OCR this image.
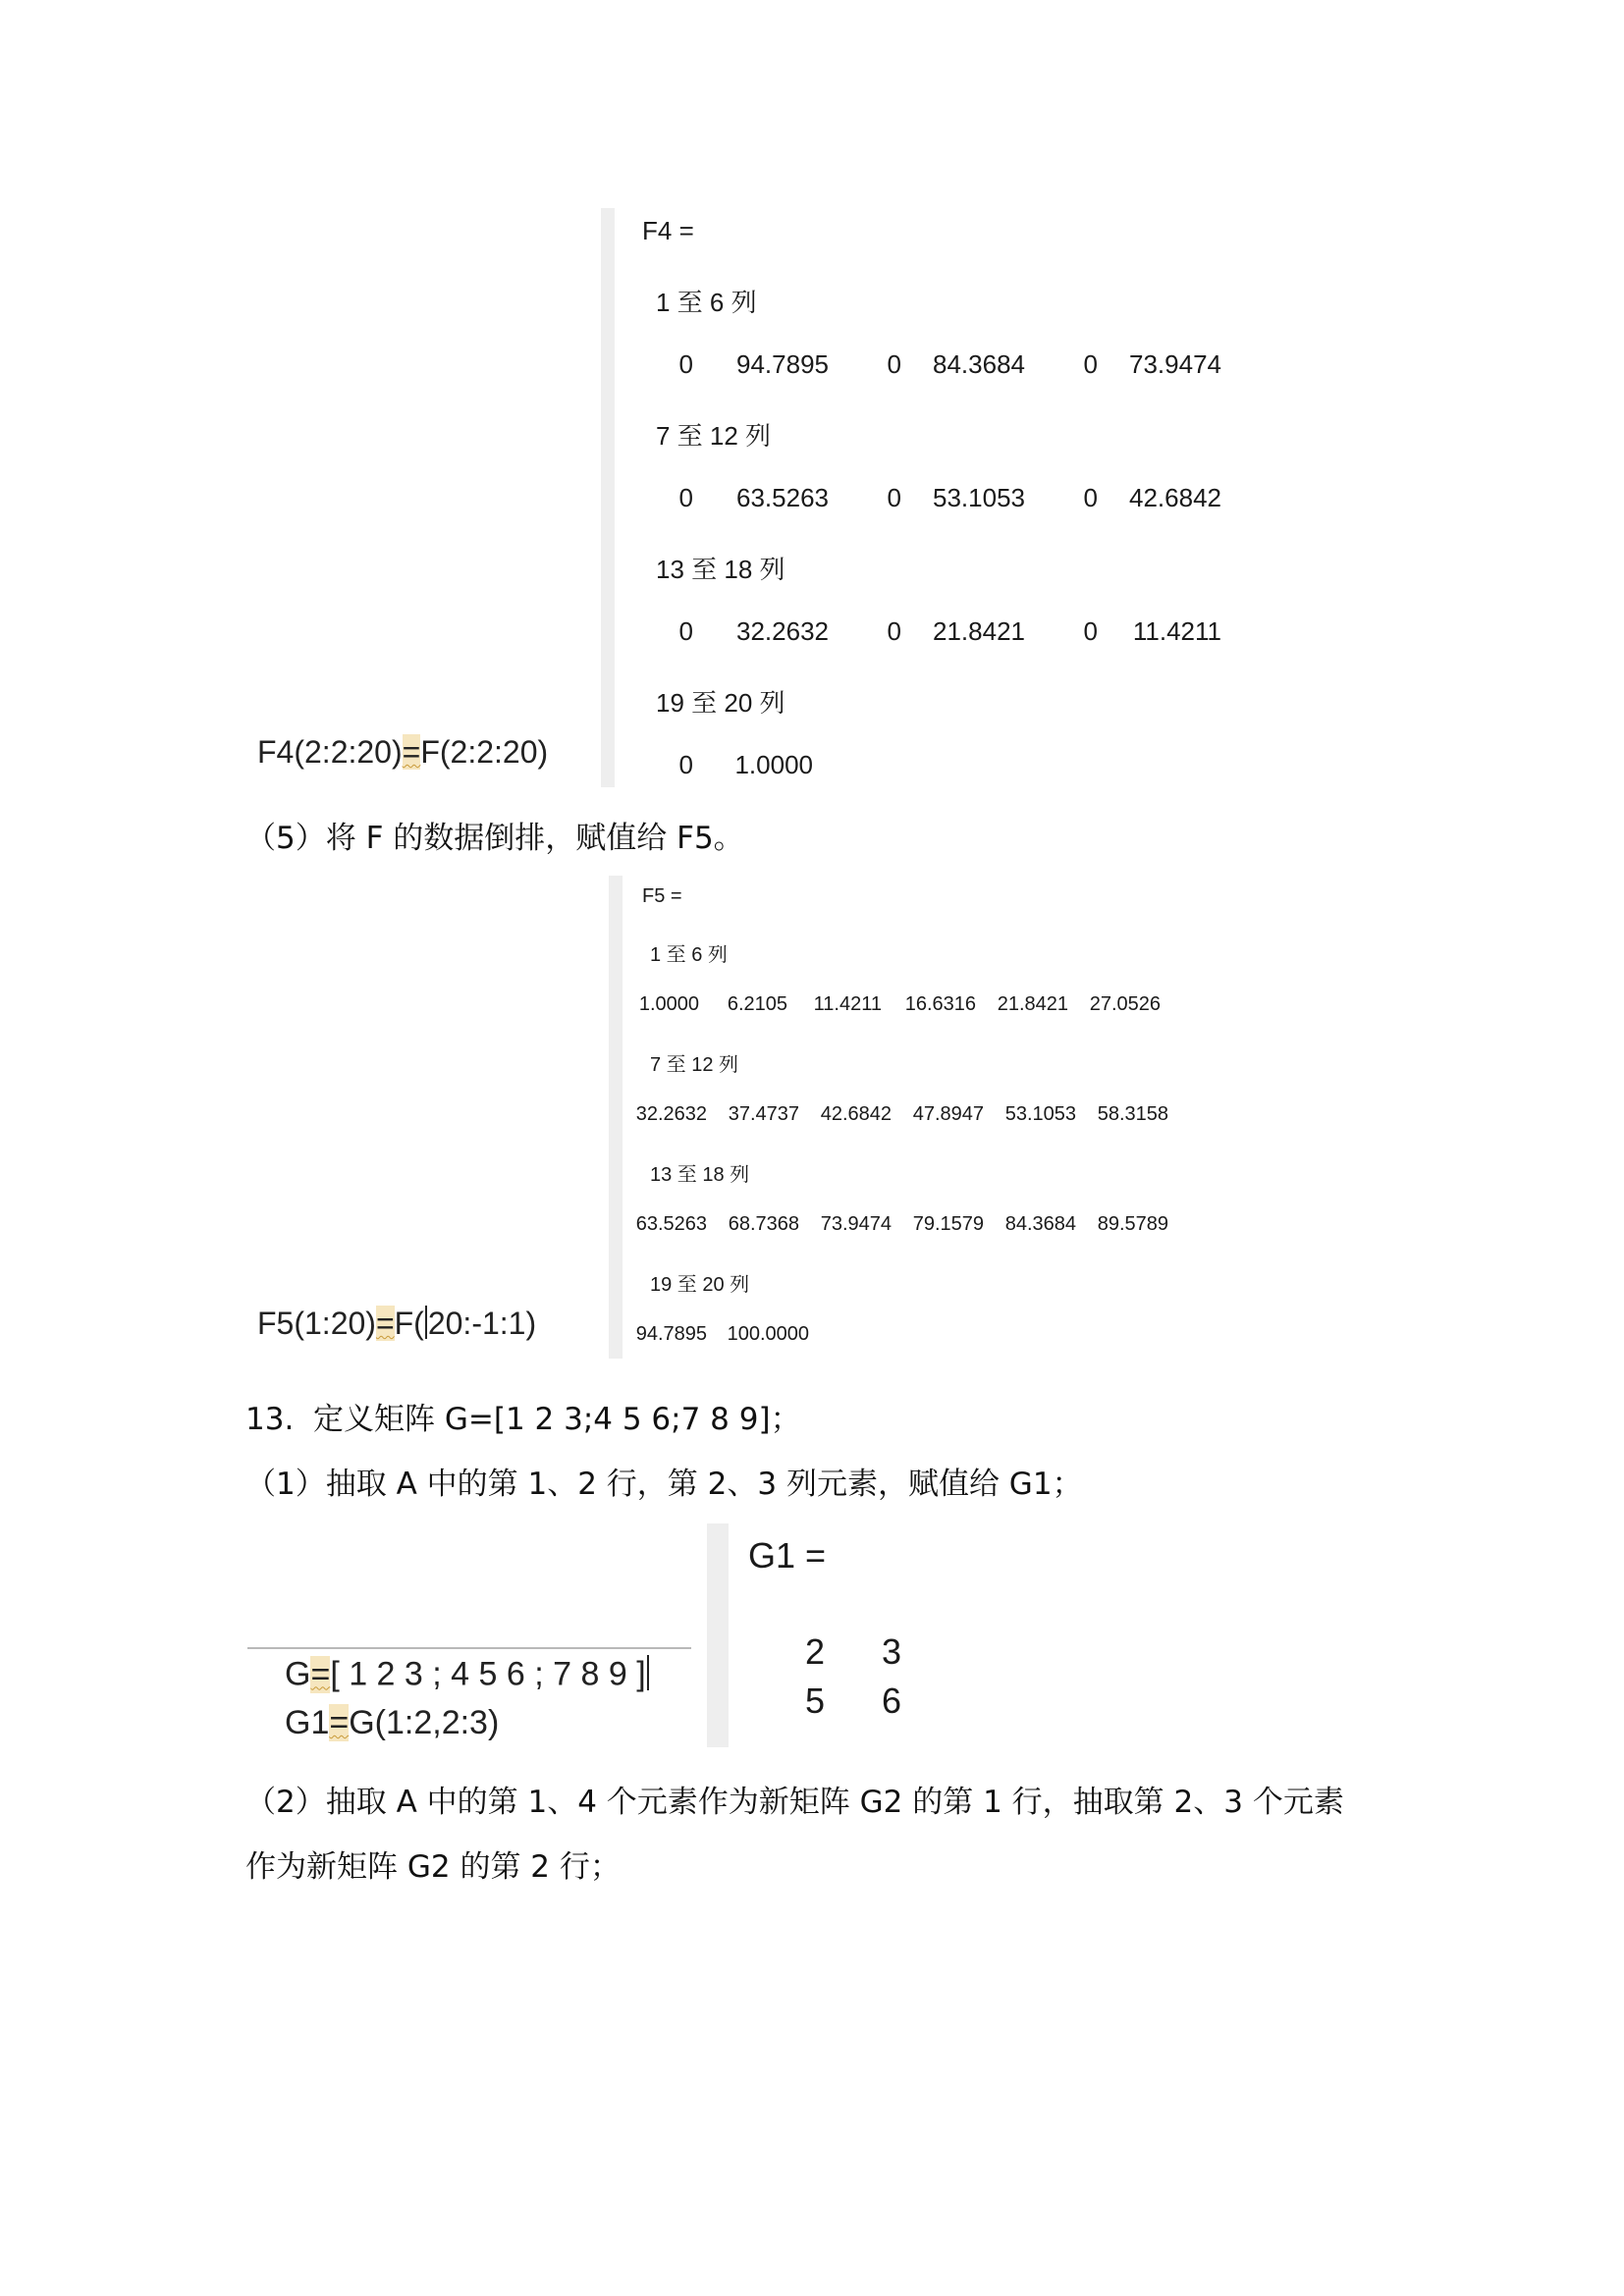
F4 =
1 至 6 列
0	94.7895	0	84.3684	0	73.9474
7 至 12 列
0	63.5263	0	53.1053	0	42.6842
13 至 18 列
0	32.2632	0	21.8421	0	11.4211
19 至 20 列
0	1.0000
F4(2:2:20)=F(2:2:20)
（5）将 F 的数据倒排，赋值给 F5。
F5 =
1 至 6 列
1.0000	6.2105	11.4211	16.6316	21.8421	27.0526
7 至 12 列
32.2632	37.4737	42.6842	47.8947	53.1053	58.3158
13 至 18 列
63.5263	68.7368	73.9474	79.1579	84.3684	89.5789
19 至 20 列
94.7895	100.0000
F5(1:20)=F( 20:-1:1)
13.  定义矩阵 G=[1 2 3;4 5 6;7 8 9]；
（1）抽取 A 中的第 1、2 行，第 2、3 列元素，赋值给 G1；
G=[ 1 2 3 ; 4 5 6 ; 7 8 9 ]
G1=G(1:2,2:3)
G1 =
2	3
5	6
（2）抽取 A 中的第 1、4 个元素作为新矩阵 G2 的第 1 行，抽取第 2、3 个元素
作为新矩阵 G2 的第 2 行；
